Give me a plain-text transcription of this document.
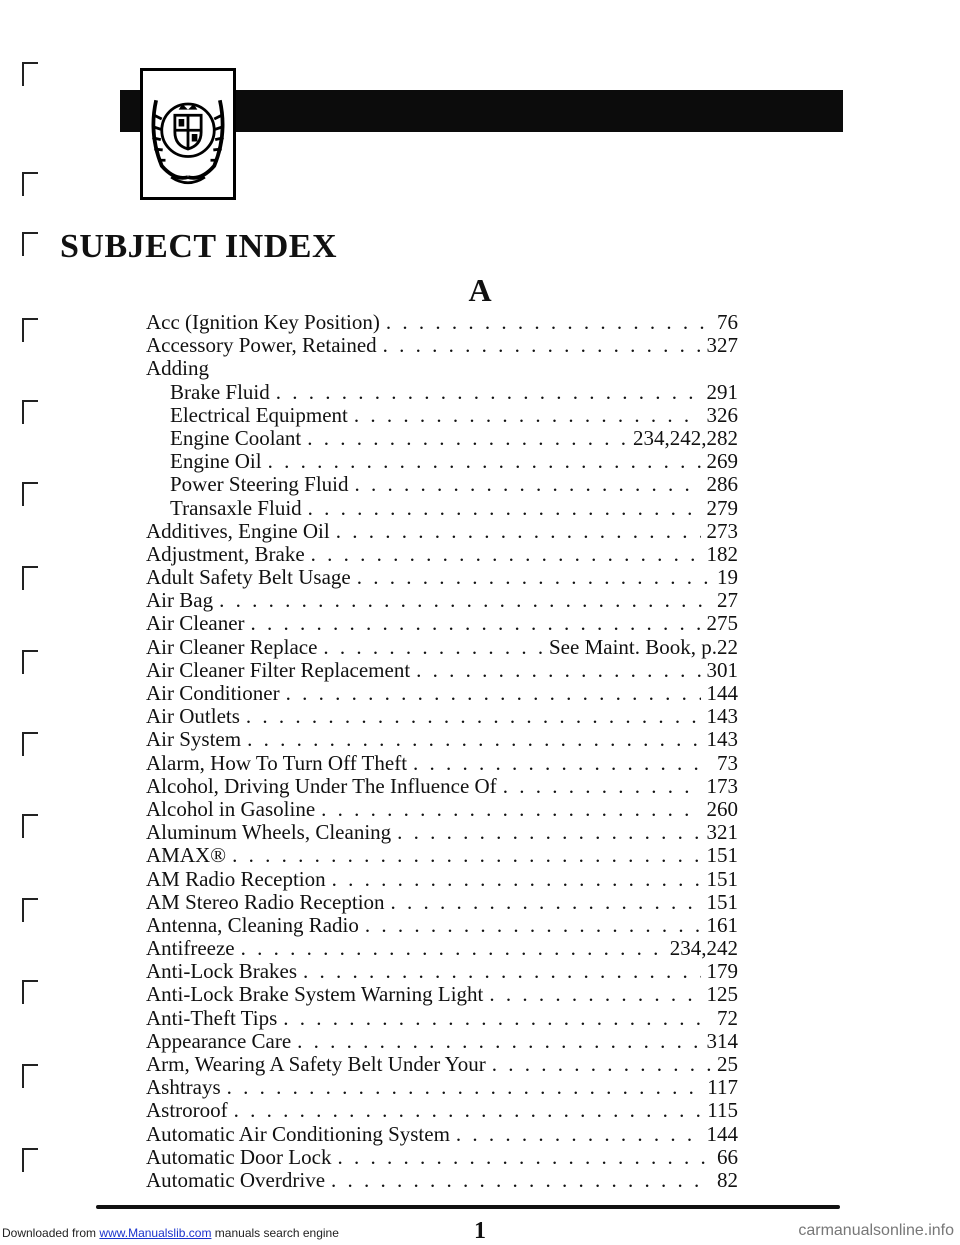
SUBJECT INDEX
A
Acc (Ignition Key Position) . . .	76
Accessory Power, Retained . . .	327
Adding
Brake Fluid . . .	291
Electrical Equipment . . .	326
Engine Coolant . . .	234,242,282
Engine Oil . . .	269
Power Steering Fluid . . .	286
Transaxle Fluid . . .	279
Additives, Engine Oil . . .	273
Adjustment, Brake . . .	182
Adult Safety Belt Usage . . .	19
Air Bag . . .	27
Air Cleaner . . .	275
Air Cleaner Replace . . .	See Maint. Book, p.22
Air Cleaner Filter Replacement . . .	301
Air Conditioner . . .	144
Air Outlets . . .	143
Air System . . .	143
Alarm, How To Turn Off Theft . . .	73
Alcohol, Driving Under The Influence Of . . .	173
Alcohol in Gasoline . . .	260
Aluminum Wheels, Cleaning . . .	321
AMAX® . . .	151
AM Radio Reception . . .	151
AM Stereo Radio Reception . . .	151
Antenna, Cleaning Radio . . .	161
Antifreeze . . .	234,242
Anti-Lock Brakes . . .	179
Anti-Lock Brake System Warning Light . . .	125
Anti-Theft Tips . . .	72
Appearance Care . . .	314
Arm, Wearing A Safety Belt Under Your . . .	25
Ashtrays . . .	117
Astroroof . . .	115
Automatic Air Conditioning System . . .	144
Automatic Door Lock . . .	66
Automatic Overdrive . . .	82
1
Downloaded from www.Manualslib.com manuals search engine	carmanualsonline.info
